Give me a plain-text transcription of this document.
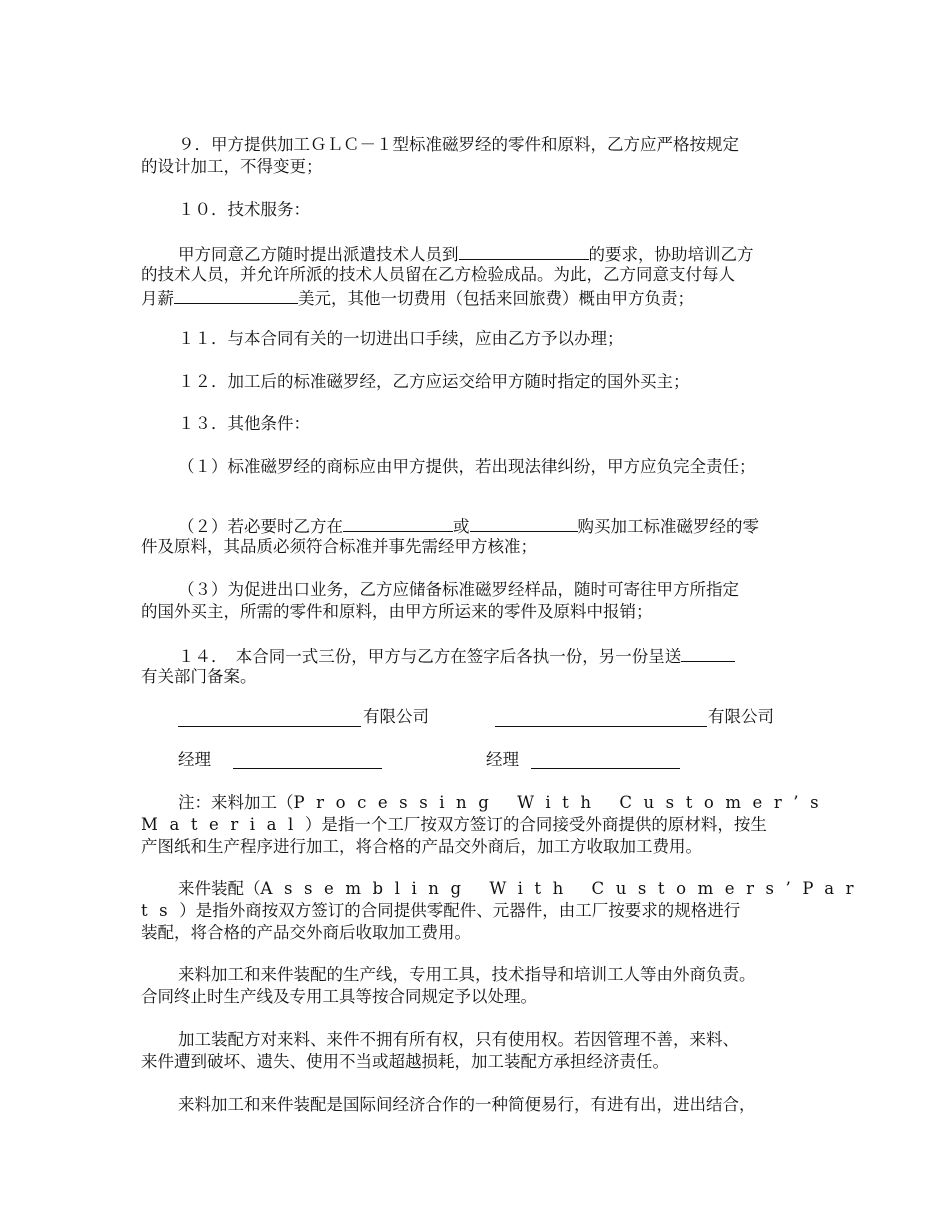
９．甲方提供加工ＧＬＣ－１型标准磁罗经的零件和原料，乙方应严格按规定
的设计加工，不得变更；
１０．技术服务：
甲方同意乙方随时提出派遣技术人员到	的要求，协助培训乙方
的技术人员，并允许所派的技术人员留在乙方检验成品。为此，乙方同意支付每人
月薪	美元，其他一切费用（包括来回旅费）概由甲方负责；
１１．与本合同有关的一切进出口手续，应由乙方予以办理；
１２．加工后的标准磁罗经，乙方应运交给甲方随时指定的国外买主；
１３．其他条件：
（１）标准磁罗经的商标应由甲方提供，若出现法律纠纷，甲方应负完全责任；
（２）若必要时乙方在	或	购买加工标准磁罗经的零
件及原料，其品质必须符合标准并事先需经甲方核准；
（３）为促进出口业务，乙方应储备标准磁罗经样品，随时可寄往甲方所指定
的国外买主，所需的零件和原料，由甲方所运来的零件及原料中报销；
１４．　本合同一式三份，甲方与乙方在签字后各执一份，另一份呈送
有关部门备案。
有限公司	有限公司
经理	经理
注：来料加工（Processing With Customer’s
Material）是指一个工厂按双方签订的合同接受外商提供的原材料，按生
产图纸和生产程序进行加工，将合格的产品交外商后，加工方收取加工费用。
来件装配（Assembling With Customers’Par
ts）是指外商按双方签订的合同提供零配件、元器件，由工厂按要求的规格进行
装配，将合格的产品交外商后收取加工费用。
来料加工和来件装配的生产线，专用工具，技术指导和培训工人等由外商负责。
合同终止时生产线及专用工具等按合同规定予以处理。
加工装配方对来料、来件不拥有所有权，只有使用权。若因管理不善，来料、
来件遭到破坏、遗失、使用不当或超越损耗，加工装配方承担经济责任。
来料加工和来件装配是国际间经济合作的一种简便易行，有进有出，进出结合，
